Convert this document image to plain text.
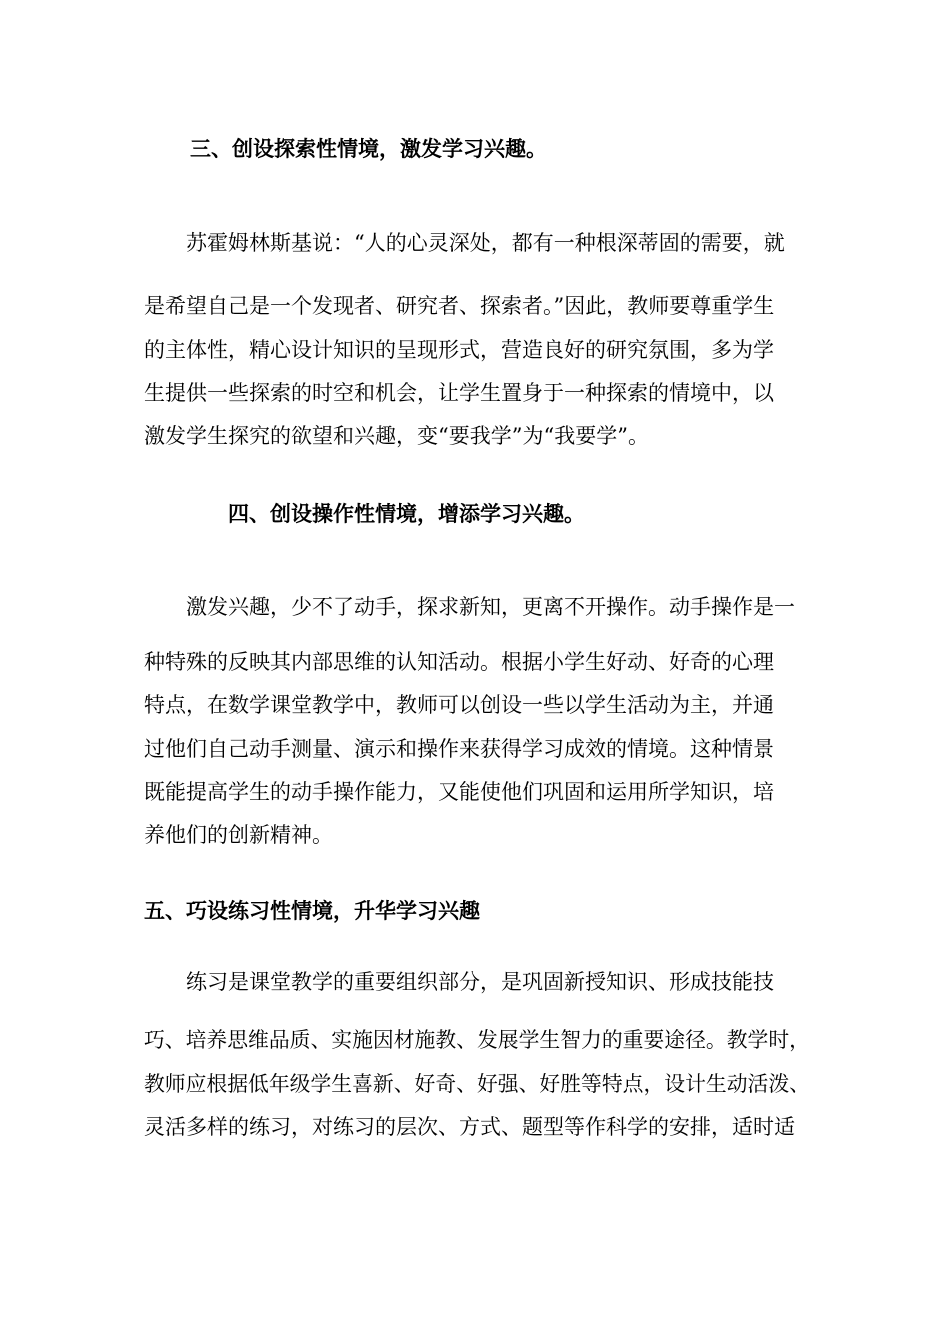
三、创设探索性情境，激发学习兴趣。
苏霍姆林斯基说：“人的心灵深处，都有一种根深蒂固的需要，就
是希望自己是一个发现者、研究者、探索者。”因此，教师要尊重学生
的主体性，精心设计知识的呈现形式，营造良好的研究氛围，多为学
生提供一些探索的时空和机会，让学生置身于一种探索的情境中，以
激发学生探究的欲望和兴趣，变“要我学”为“我要学”。
四、创设操作性情境，增添学习兴趣。
激发兴趣，少不了动手，探求新知，更离不开操作。动手操作是一
种特殊的反映其内部思维的认知活动。根据小学生好动、好奇的心理
特点，在数学课堂教学中，教师可以创设一些以学生活动为主，并通
过他们自己动手测量、演示和操作来获得学习成效的情境。这种情景
既能提高学生的动手操作能力，又能使他们巩固和运用所学知识，培
养他们的创新精神。
五、巧设练习性情境，升华学习兴趣
练习是课堂教学的重要组织部分，是巩固新授知识、形成技能技
巧、培养思维品质、实施因材施教、发展学生智力的重要途径。教学时，
教师应根据低年级学生喜新、好奇、好强、好胜等特点，设计生动活泼、
灵活多样的练习，对练习的层次、方式、题型等作科学的安排，适时适
